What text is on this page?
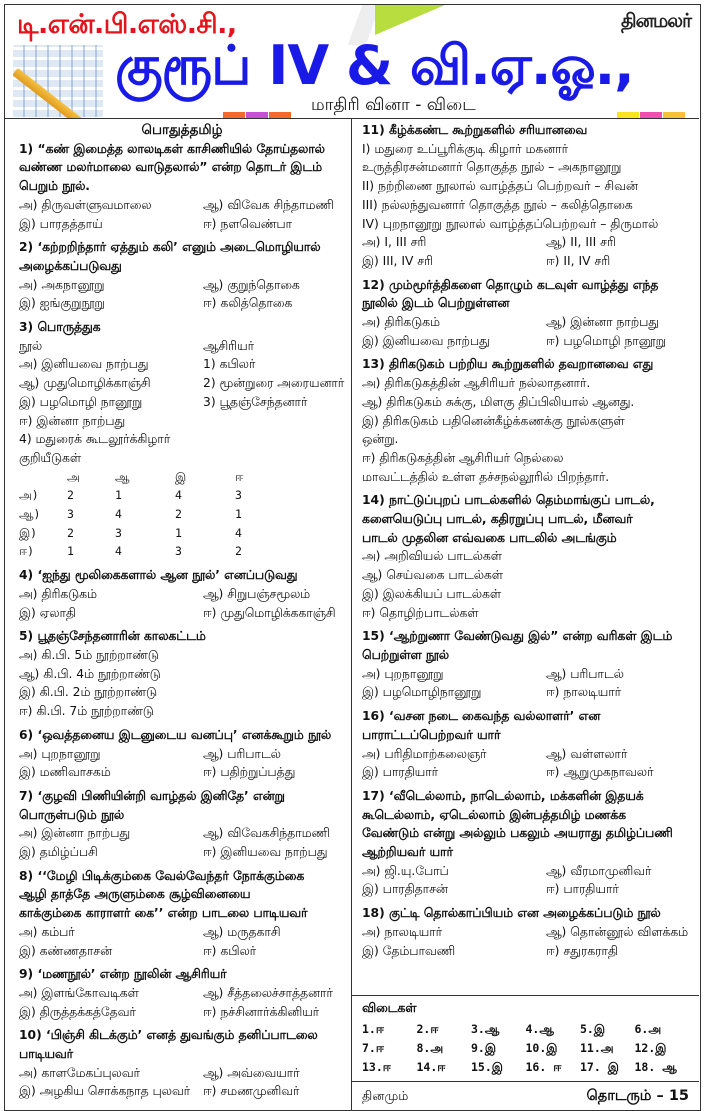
டி.என்.பி.எஸ்.சி.,	தினமலர்
குரூப் IV & வி.ஏ.ஓ.,
மாதிரி வினா - விடை
பொதுத்தமிழ்
1) “கண் இமைத்த லாலடிகள் காசிணியில் தோய்தலால்
வண்ண மலர்மாலை வாடுதலால்” என்ற தொடர் இடம்
பெறும் நூல்.
அ) திருவள்ளுவமாலை	ஆ) விவேக சிந்தாமணி
இ) பாரதத்தாய்	ஈ) நளவெண்பா
2) ‘கற்றறிந்தார் ஏத்தும் கலி’ எனும் அடைமொழியால்
அழைக்கப்படுவது
அ) அகநானூறு	ஆ) குறுந்தொகை
இ) ஐங்குறுநூறு	ஈ) கலித்தொகை
3) பொருத்துக
நூல்	ஆசிரியர்
அ) இனியவை நாற்பது	1) கபிலர்
ஆ) முதுமொழிக்காஞ்சி	2) மூன்றுரை அரையனார்
இ) பழமொழி நானூறு	3) பூதஞ்சேந்தனார்
ஈ) இன்னா நாற்பது
4) மதுரைக் கூடலூர்க்கிழார்
குறியீடுகள்
அ	ஆ	இ	ஈ
அ)	2	1	4	3
ஆ)	3	4	2	1
இ)	2	3	1	4
ஈ)	1	4	3	2
4) ‘ஐந்து மூலிகைகளால் ஆன நூல்’ எனப்படுவது
அ) திரிகடுகம்	ஆ) சிறுபஞ்சமூலம்
இ) ஏலாதி	ஈ) முதுமொழிக்ககாஞ்சி
5) பூதஞ்சேந்தனாரின் காலகட்டம்
அ) கி.பி. 5ம் நூற்றாண்டு
ஆ) கி.பி. 4ம் நூற்றாண்டு
இ) கி.பி. 2ம் நூற்றாண்டு
ஈ) கி.பி. 7ம் நூற்றாண்டு
6) ‘ஒவத்தனைய இடனுடைய வனப்பு’ எனக்கூறும் நூல்
அ) புறநானூறு	ஆ) பரிபாடல்
இ) மணிவாசகம்	ஈ) பதிற்றுப்பத்து
7) ‘குழவி பிணியின்றி வாழ்தல் இனிதே’ என்று
பொருள்படும் நூல்
அ) இன்னா நாற்பது	ஆ) விவேகசிந்தாமணி
இ) தமிழ்ப்பசி	ஈ) இனியவை நாற்பது
8) ‘‘மேழி பிடிக்கும்கை வேல்வேந்தர் நோக்கும்கை
ஆழி தாத்தே அருளும்கை சூழ்வினையை
காக்கும்கை காராளர் கை’’ என்ற பாடலை பாடியவர்
அ) கம்பர்	ஆ) மருதகாசி
இ) கண்ணதாசன்	ஈ) கபிலர்
9) ‘மணநூல்’ என்ற நூலின் ஆசிரியர்
அ) இளங்கோவடிகள்	ஆ) சீத்தலைச்சாத்தனார்
இ) திருத்தக்கத்தேவர்	ஈ) நச்சினார்க்கினியர்
10) ‘பிஞ்சி கிடக்கும்’ எனத் துவங்கும் தனிப்பாடலை
பாடியவர்
அ) காளமேகப்புலவர்	ஆ) அவ்வையார்
இ) அழகிய சொக்கநாத புலவர்	ஈ) சமணமுனிவர்
11) கீழ்க்கண்ட கூற்றுகளில் சரியானவை
I) மதுரை உப்பூரிக்குடி கிழார் மகனார்
உருத்திரசன்மனார் தொகுத்த நூல் – அகநானூறு
II) நற்றிணை நூலால் வாழ்த்தப் பெற்றவர் – சிவன்
III) நல்லந்துவனார் தொகுத்த நூல் – கலித்தொகை
IV) புறநானூறு நூலால் வாழ்த்தப்பெற்றவர் – திருமால்
அ) I, III சரி	ஆ) II, III சரி
இ) III, IV சரி	ஈ) II, IV சரி
12) மும்மூர்த்திகளை தொழும் கடவுள் வாழ்த்து எந்த
நூலில் இடம் பெற்றுள்ளன
அ) திரிகடுகம்	ஆ) இன்னா நாற்பது
இ) இனியவை நாற்பது	ஈ) பழமொழி நானூறு
13) திரிகடுகம் பற்றிய கூற்றுகளில் தவறானவை எது
அ) திரிகடுகத்தின் ஆசிரியர் நல்லாதனார்.
ஆ) திரிகடுகம் சுக்கு, மிளகு திப்பிலியால் ஆனது.
இ) திரிகடுகம் பதினென்கீழ்க்கணக்கு நூல்களுள்
ஒன்று.
ஈ) திரிகடுகத்தின் ஆசிரியர் நெல்லை
மாவட்டத்தில் உள்ள தச்சநல்லூரில் பிறந்தார்.
14) நாட்டுப்புறப் பாடல்களில் தெம்மாங்குப் பாடல்,
களையெடுப்பு பாடல், கதிரறுப்பு பாடல், மீனவர்
பாடல் முதலின எவ்வகை பாடலில் அடங்கும்
அ) அறிவியல் பாடல்கள்
ஆ) செய்வகை பாடல்கள்
இ) இலக்கியப் பாடல்கள்
ஈ) தொழிற்பாடல்கள்
15) ‘ஆற்றுணா வேண்டுவது இல்” என்ற வரிகள் இடம்
பெற்றுள்ள நூல்
அ) புறநானூறு	ஆ) பரிபாடல்
இ) பழமொழிநானூறு	ஈ) நாலடியார்
16) ‘வசன நடை கைவந்த வல்லாளர்’ என
பாராட்டப்பெற்றவர் யார்
அ) பரிதிமாற்கலைஞர்	ஆ) வள்ளலார்
இ) பாரதியார்	ஈ) ஆறுமுகநாவலர்
17) ‘வீடெல்லாம், நாடெல்லாம், மக்களின் இதயக்
கூடெல்லாம், ஏடெல்லாம் இன்பத்தமிழ் மணக்க
வேண்டும் என்று அல்லும் பகலும் அயராது தமிழ்ப்பணி
ஆற்றியவர் யார்
அ) ஜி.யு.போப்	ஆ) வீரமாமுனிவர்
இ) பாரதிதாசன்	ஈ) பாரதியார்
18) குட்டி தொல்காப்பியம் என அழைக்கப்படும் நூல்
அ) நாலடியார்	ஆ) தொன்னூல் விளக்கம்
இ) தேம்பாவணி	ஈ) சதுரகராதி
விடைகள்
1.ஈ	2.ஈ	3.ஆ	4.ஆ	5.இ	6.அ
7.ஈ	8.அ	9.இ	10.இ	11.அ	12.இ
13.ஈ	14.ஈ	15.இ	16. ஈ	17. இ	18. ஆ
தினமும்	தொடரும் – 15
